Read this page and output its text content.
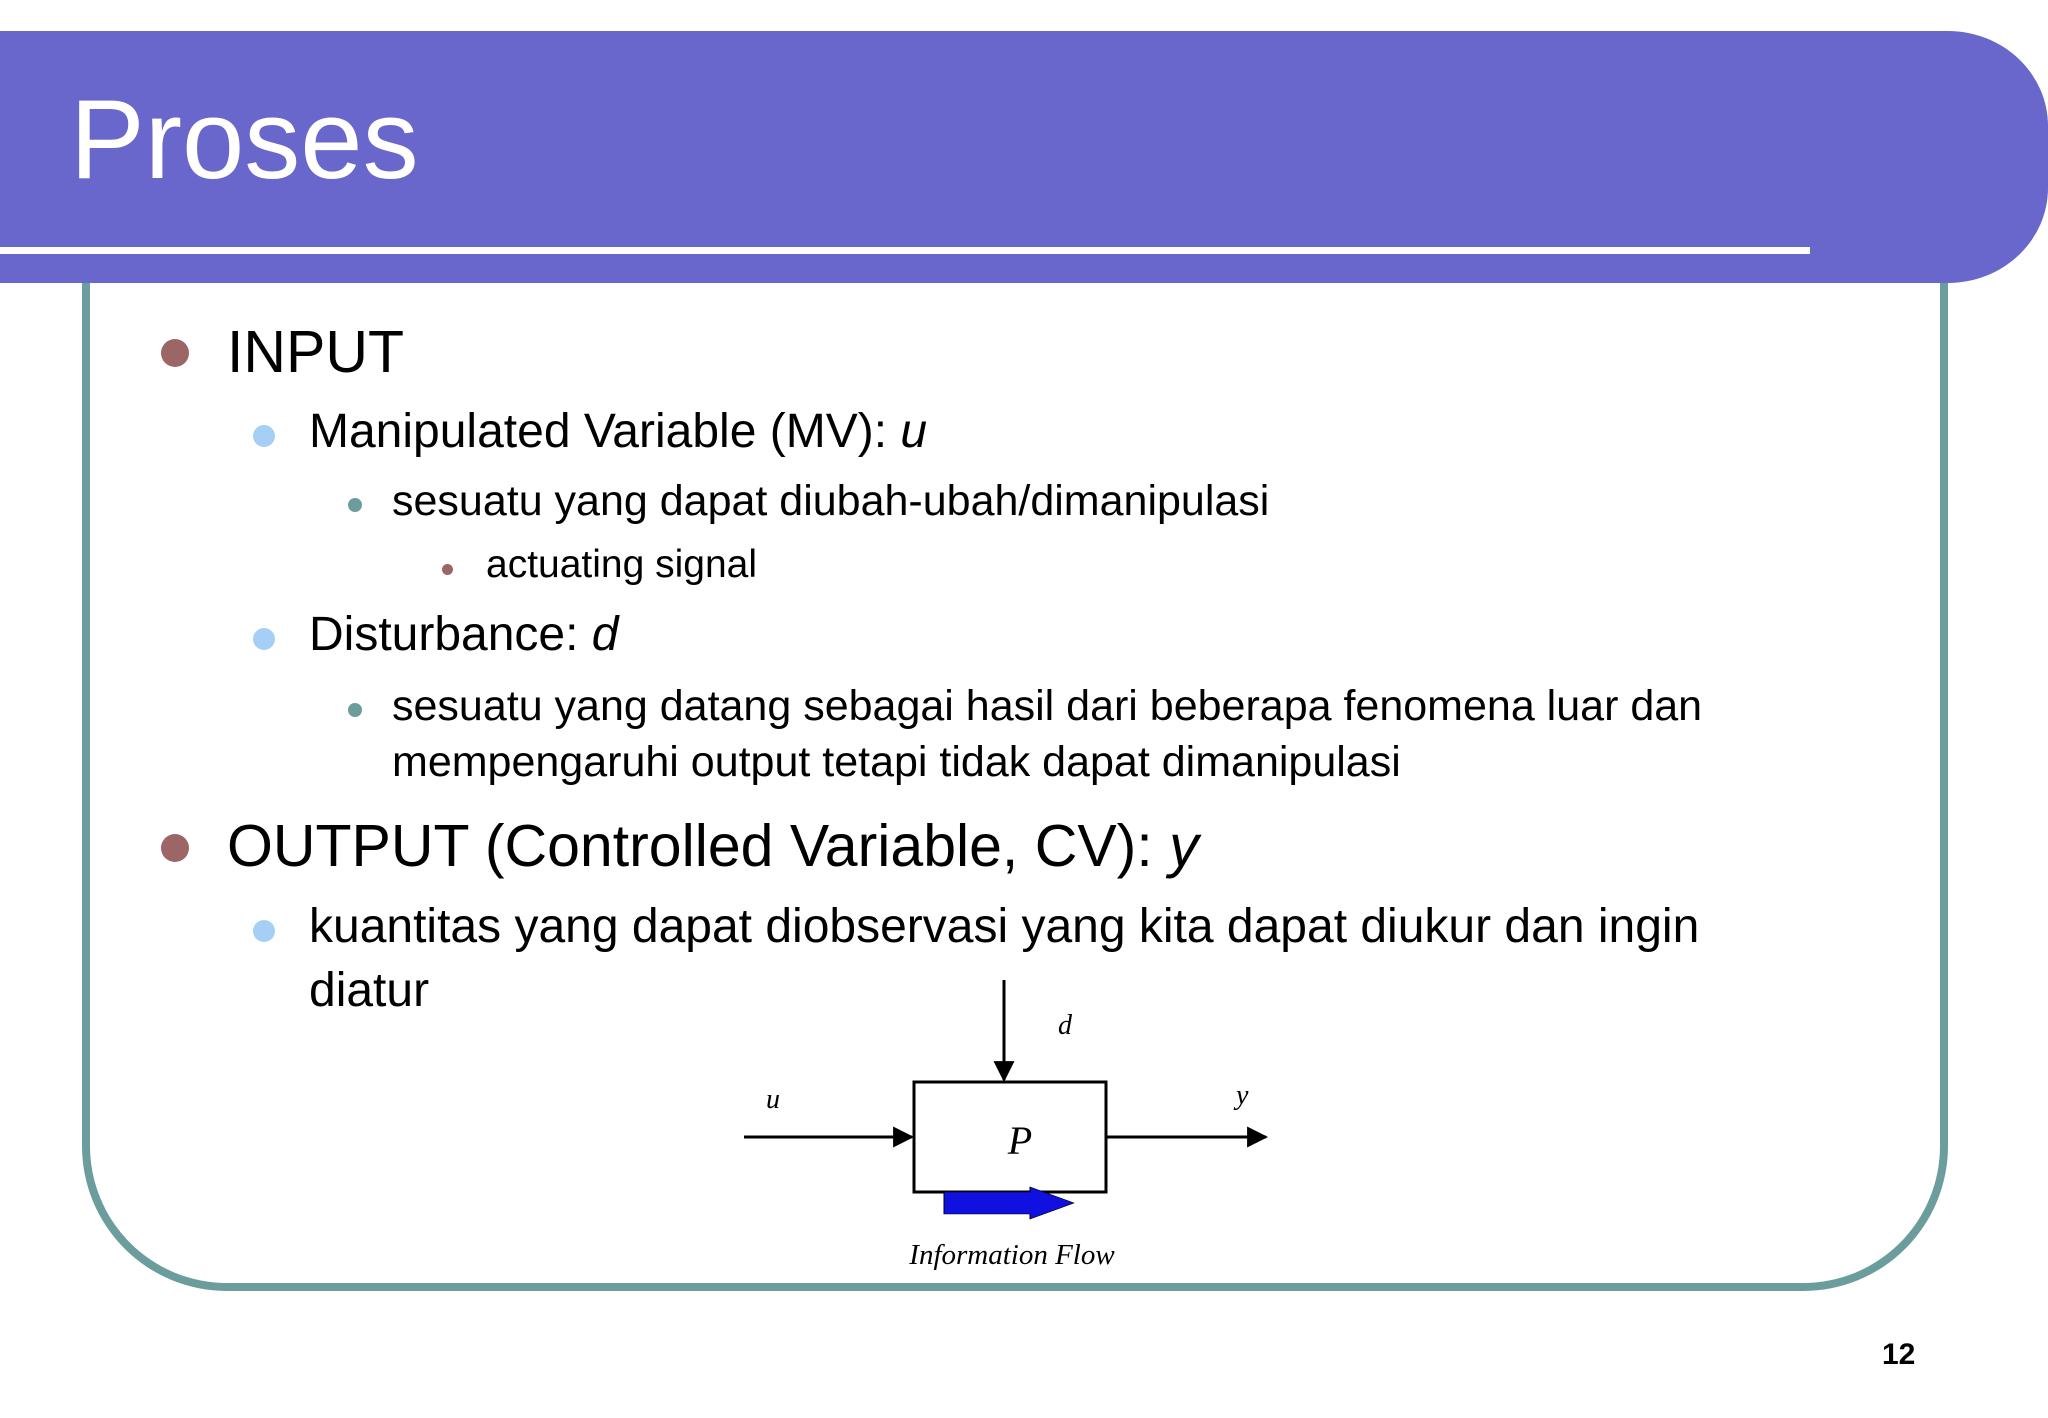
Proses

INPUT

Manipulated Variable (MV): u

sesuatu yang dapat diubah-ubah/dimanipulasi

actuating signal

Disturbance: d

sesuatu yang datang sebagai hasil dari beberapa fenomena luar dan

mempengaruhi output tetapi tidak dapat dimanipulasi

OUTPUT (Controlled Variable, CV): y

kuantitas yang dapat diobservasi yang kita dapat diukur dan ingin

diatur

P
u
d
y
Information Flow
12
